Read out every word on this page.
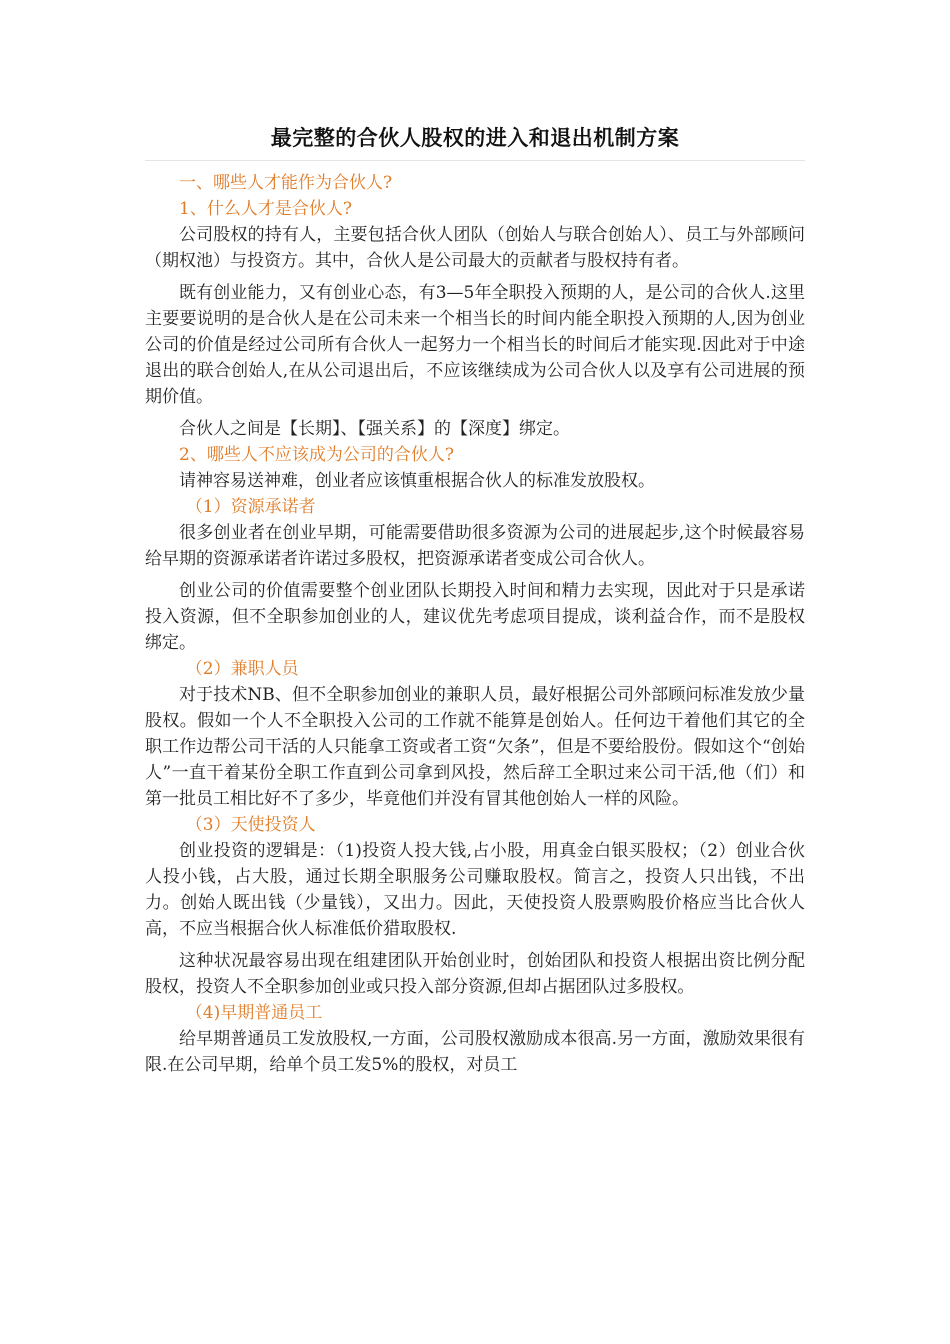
最完整的合伙人股权的进入和退出机制方案
一、哪些人才能作为合伙人?
1、什么人才是合伙人?

公司股权的持有人，主要包括合伙人团队（创始人与联合创始人）、员工与外部顾问（期权池）与投资方。其中，合伙人是公司最大的贡献者与股权持有者。

既有创业能力，又有创业心态，有3—5年全职投入预期的人，是公司的合伙人.这里主要要说明的是合伙人是在公司未来一个相当长的时间内能全职投入预期的人,因为创业公司的价值是经过公司所有合伙人一起努力一个相当长的时间后才能实现.因此对于中途退出的联合创始人,在从公司退出后，不应该继续成为公司合伙人以及享有公司进展的预期价值。

合伙人之间是【长期】、【强关系】的【深度】绑定。

2、哪些人不应该成为公司的合伙人?

请神容易送神难，创业者应该慎重根据合伙人的标准发放股权。

（1）资源承诺者

很多创业者在创业早期，可能需要借助很多资源为公司的进展起步,这个时候最容易给早期的资源承诺者许诺过多股权，把资源承诺者变成公司合伙人。

创业公司的价值需要整个创业团队长期投入时间和精力去实现，因此对于只是承诺投入资源，但不全职参加创业的人，建议优先考虑项目提成，谈利益合作，而不是股权绑定。

（2）兼职人员

对于技术NB、但不全职参加创业的兼职人员，最好根据公司外部顾问标准发放少量股权。假如一个人不全职投入公司的工作就不能算是创始人。任何边干着他们其它的全职工作边帮公司干活的人只能拿工资或者工资“欠条”，但是不要给股份。假如这个“创始人”一直干着某份全职工作直到公司拿到风投，然后辞工全职过来公司干活,他（们）和第一批员工相比好不了多少，毕竟他们并没有冒其他创始人一样的风险。

（3）天使投资人

创业投资的逻辑是：（1)投资人投大钱,占小股，用真金白银买股权；（2）创业合伙人投小钱，占大股，通过长期全职服务公司赚取股权。简言之，投资人只出钱，不出力。创始人既出钱（少量钱），又出力。因此，天使投资人股票购股价格应当比合伙人高，不应当根据合伙人标准低价猎取股权.

这种状况最容易出现在组建团队开始创业时，创始团队和投资人根据出资比例分配股权，投资人不全职参加创业或只投入部分资源,但却占据团队过多股权。

（4)早期普通员工

给早期普通员工发放股权,一方面，公司股权激励成本很高.另一方面，激励效果很有限.在公司早期，给单个员工发5%的股权，对员工
